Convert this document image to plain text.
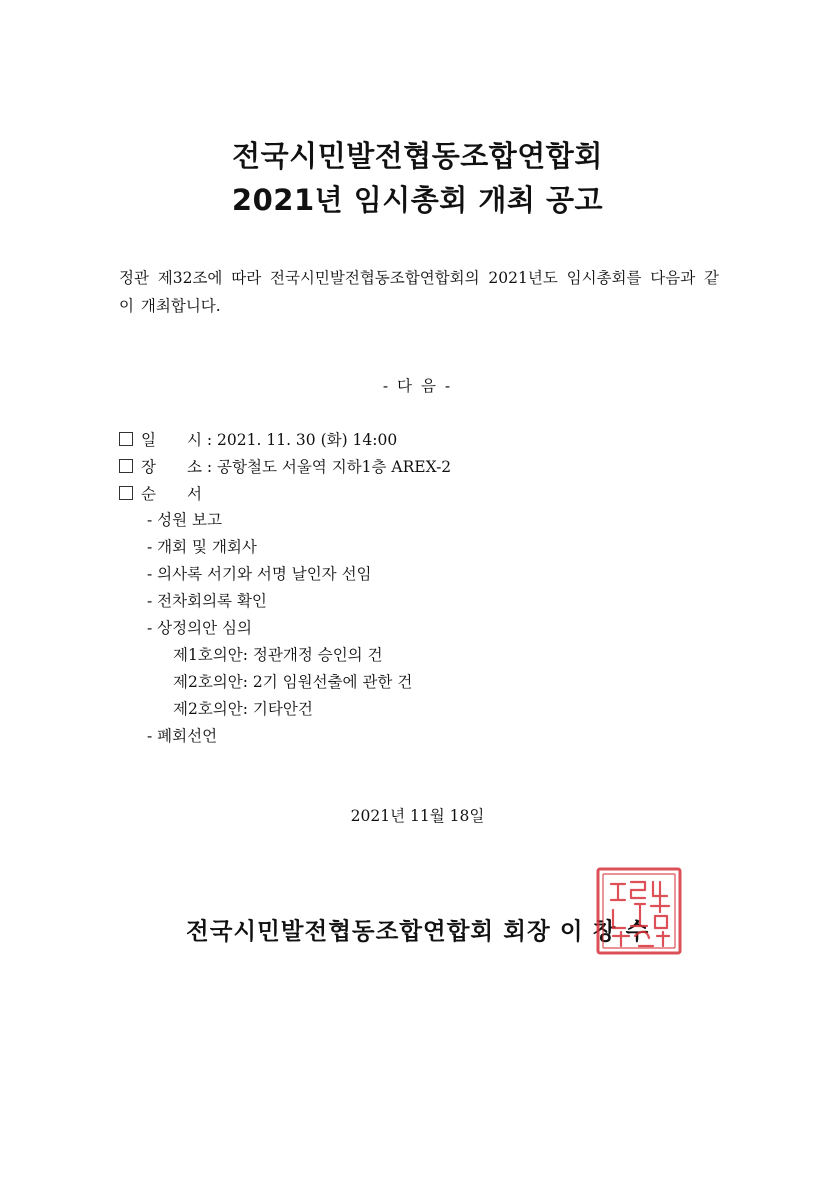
전국시민발전협동조합연합회
2021년 임시총회 개최 공고
정관 제32조에 따라 전국시민발전협동조합연합회의 2021년도 임시총회를 다음과 같이 개최합니다.
- 다 음 -
일　　시 : 2021. 11. 30 (화) 14:00
장　　소 : 공항철도 서울역 지하1층 AREX-2
순　　서
- 성원 보고
- 개회 및 개회사
- 의사록 서기와 서명 날인자 선임
- 전차회의록 확인
- 상정의안 심의
제1호의안: 정관개정 승인의 건
제2호의안: 2기 임원선출에 관한 건
제2호의안: 기타안건
- 폐회선언
2021년 11월 18일
전국시민발전협동조합연합회 회장 이 창 수
